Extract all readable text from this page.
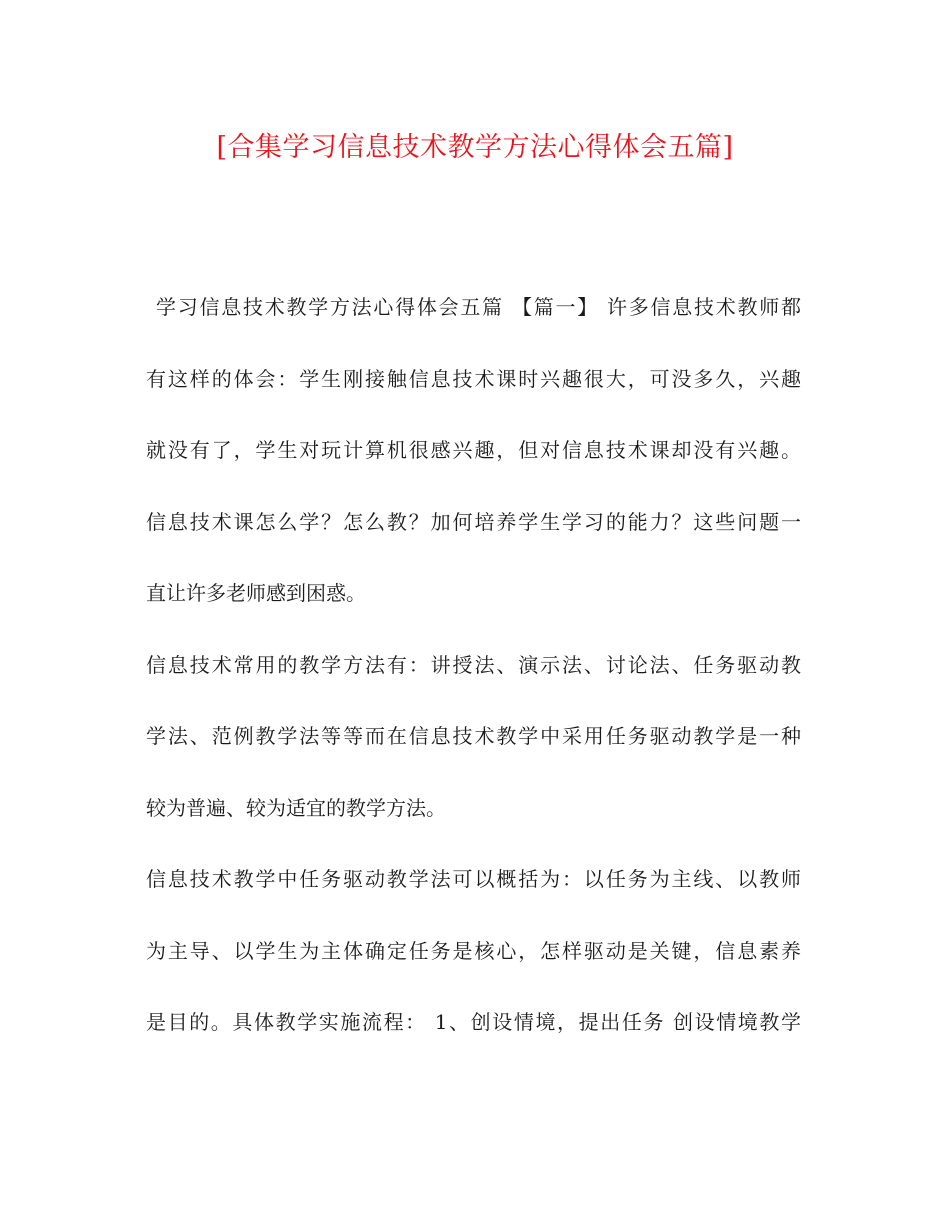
[合集学习信息技术教学方法心得体会五篇]
学习信息技术教学方法心得体会五篇 【篇一】 许多信息技术教师都
有这样的体会：学生刚接触信息技术课时兴趣很大，可没多久，兴趣
就没有了，学生对玩计算机很感兴趣，但对信息技术课却没有兴趣。
信息技术课怎么学？怎么教？加何培养学生学习的能力？这些问题一
直让许多老师感到困惑。
信息技术常用的教学方法有：讲授法、演示法、讨论法、任务驱动教
学法、范例教学法等等而在信息技术教学中采用任务驱动教学是一种
较为普遍、较为适宜的教学方法。
信息技术教学中任务驱动教学法可以概括为：以任务为主线、以教师
为主导、以学生为主体确定任务是核心，怎样驱动是关键，信息素养
是目的。具体教学实施流程： 1、创设情境，提出任务 创设情境教学
